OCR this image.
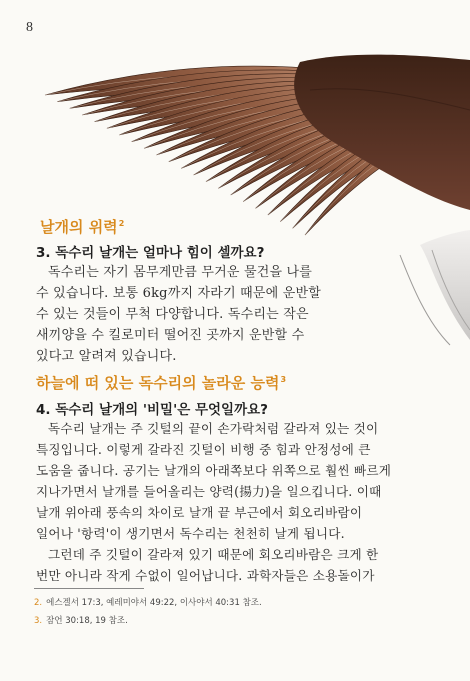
8
날개의 위력$^2$
3. 독수리 날개는 얼마나 힘이 셀까요?
독수리는 자기 몸무게만큼 무거운 물건을 나를
수 있습니다. 보통 6kg까지 자라기 때문에 운반할
수 있는 것들이 무척 다양합니다. 독수리는 작은
새끼양을 수 킬로미터 떨어진 곳까지 운반할 수
있다고 알려져 있습니다.
하늘에 떠 있는 독수리의 놀라운 능력$^3$
4. 독수리 날개의 '비밀'은 무엇일까요?
독수리 날개는 주 깃털의 끝이 손가락처럼 갈라져 있는 것이
특징입니다. 이렇게 갈라진 깃털이 비행 중 힘과 안정성에 큰
도움을 줍니다. 공기는 날개의 아래쪽보다 위쪽으로 훨씬 빠르게
지나가면서 날개를 들어올리는 양력(揚力)을 일으킵니다. 이때
날개 위아래 풍속의 차이로 날개 끝 부근에서 회오리바람이
일어나 '항력'이 생기면서 독수리는 천천히 날게 됩니다.
그런데 주 깃털이 갈라져 있기 때문에 회오리바람은 크게 한
번만 아니라 작게 수없이 일어납니다. 과학자들은 소용돌이가
2. 에스겔서 17:3, 예레미야서 49:22, 이사야서 40:31 참조.
3. 잠언 30:18, 19 참조.
